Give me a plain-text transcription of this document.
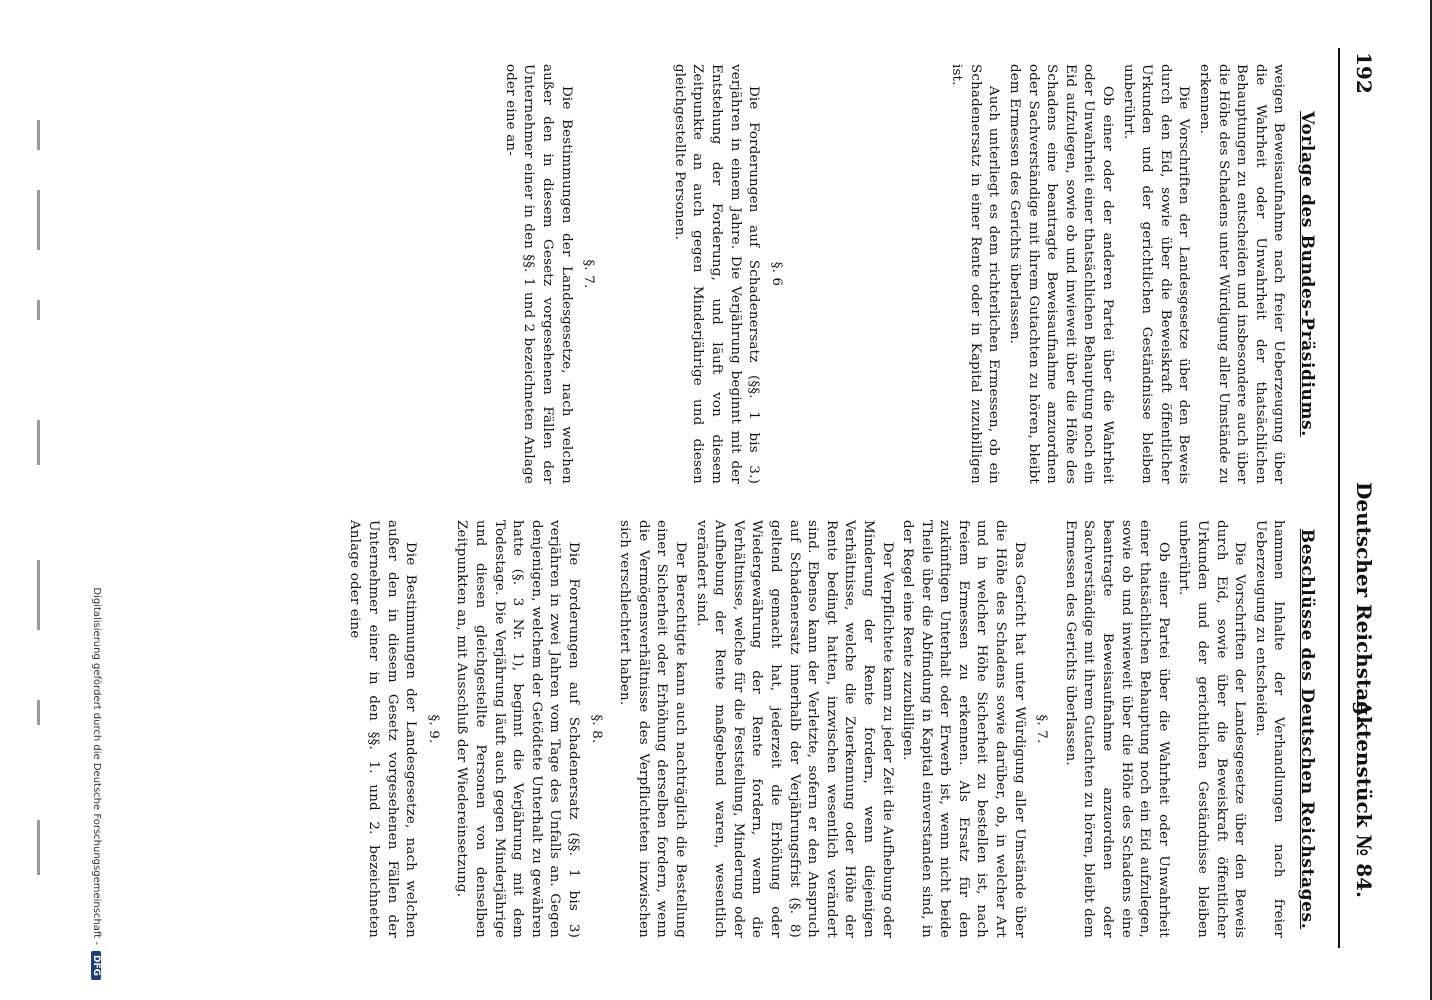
192
Deutscher Reichstag.
Aktenstück № 84.
Vorlage des Bundes-Präsidiums.

weigen Beweisaufnahme nach freier Ueberzeugung über die Wahrheit oder Unwahrheit der thatsächlichen Behauptungen zu entscheiden und insbesondere auch über die Höhe des Schadens unter Würdigung aller Umstände zu erkennen.

Die Vorschriften der Landesgesetze über den Beweis durch den Eid, sowie über die Beweiskraft öffentlicher Urkunden und der gerichtlichen Geständnisse bleiben unberührt.

Ob einer oder der anderen Partei über die Wahrheit oder Unwahrheit einer thatsächlichen Behauptung noch ein Eid aufzulegen, sowie ob und inwieweit über die Höhe des Schadens eine beantragte Beweisaufnahme anzuordnen oder Sachverständige mit ihrem Gutachten zu hören, bleibt dem Ermessen des Gerichts überlassen.

Auch unterliegt es dem richterlichen Ermessen, ob ein Schadenersatz in einer Rente oder in Kapital zuzubilligen ist.

§. 6

Die Forderungen auf Schadenersatz (§§. 1 bis 3.) verjähren in einem Jahre. Die Verjährung beginnt mit der Entstehung der Forderung, und läuft von diesem Zeitpunkte an auch gegen Minderjährige und diesen gleichgestellte Personen.

§. 7.

Die Bestimmungen der Landesgesetze, nach welchen außer den in diesem Gesetz vorgesehenen Fällen der Unternehmer einer in den §§. 1 und 2 bezeichneten Anlage oder eine an-

Beschlüsse des Deutschen Reichstages.

hammen Inhalte der Verhandlungen nach freier Ueberzeugung zu entscheiden.

Die Vorschriften der Landesgesetze über den Beweis durch Eid, sowie über die Beweiskraft öffentlicher Urkunden und der gerichtlichen Geständnisse bleiben unberührt.

Ob einer Partei über die Wahrheit oder Unwahrheit einer thatsächlichen Behauptung noch ein Eid aufzulegen, sowie ob und inwieweit über die Höhe des Schadens eine beantragte Beweisaufnahme anzuordnen oder Sachverständige mit ihrem Gutachten zu hören, bleibt dem Ermessen des Gerichts überlassen.

§. 7.

Das Gericht hat unter Würdigung aller Umstände über die Höhe des Schadens sowie darüber, ob, in welcher Art und in welcher Höhe Sicherheit zu bestellen ist, nach freiem Ermessen zu erkennen. Als Ersatz für den zukünftigen Unterhalt oder Erwerb ist, wenn nicht beide Theile über die Abfindung in Kapital einverstanden sind, in der Regel eine Rente zuzubilligen.

Der Verpflichtete kann zu jeder Zeit die Aufhebung oder Minderung der Rente fordern, wenn diejenigen Verhältnisse, welche die Zuerkennung oder Höhe der Rente bedingt hatten, inzwischen wesentlich verändert sind. Ebenso kann der Verletzte, sofern er den Anspruch auf Schadenersatz innerhalb der Verjährungsfrist (§. 8) geltend gemacht hat, jederzeit die Erhöhung oder Wiedergewährung der Rente fordern, wenn die Verhältnisse, welche für die Feststellung, Minderung oder Aufhebung der Rente maßgebend waren, wesentlich verändert sind.

Der Berechtigte kann auch nachträglich die Bestellung einer Sicherheit oder Erhöhung derselben fordern, wenn die Vermögensverhältnisse des Verpflichteten inzwischen sich verschlechtert haben.

§. 8.

Die Forderungen auf Schadenersatz (§§. 1 bis 3) verjähren in zwei Jahren vom Tage des Unfalls an. Gegen denjenigen, welchem der Getödtete Unterhalt zu gewähren hatte (§. 3 Nr. 1), beginnt die Verjährung mit dem Todestage. Die Verjährung läuft auch gegen Minderjährige und diesen gleichgestellte Personen von denselben Zeitpunkten an, mit Ausschluß der Wiedereinsetzung.

§. 9.

Die Bestimmungen der Landesgesetze, nach welchen außer den in diesem Gesetz vorgesehenen Fällen der Unternehmer einer in den §§. 1. und 2. bezeichneten Anlage oder eine

Digitalisierung gefördert durch die Deutsche Forschungsgemeinschaft -DFG
